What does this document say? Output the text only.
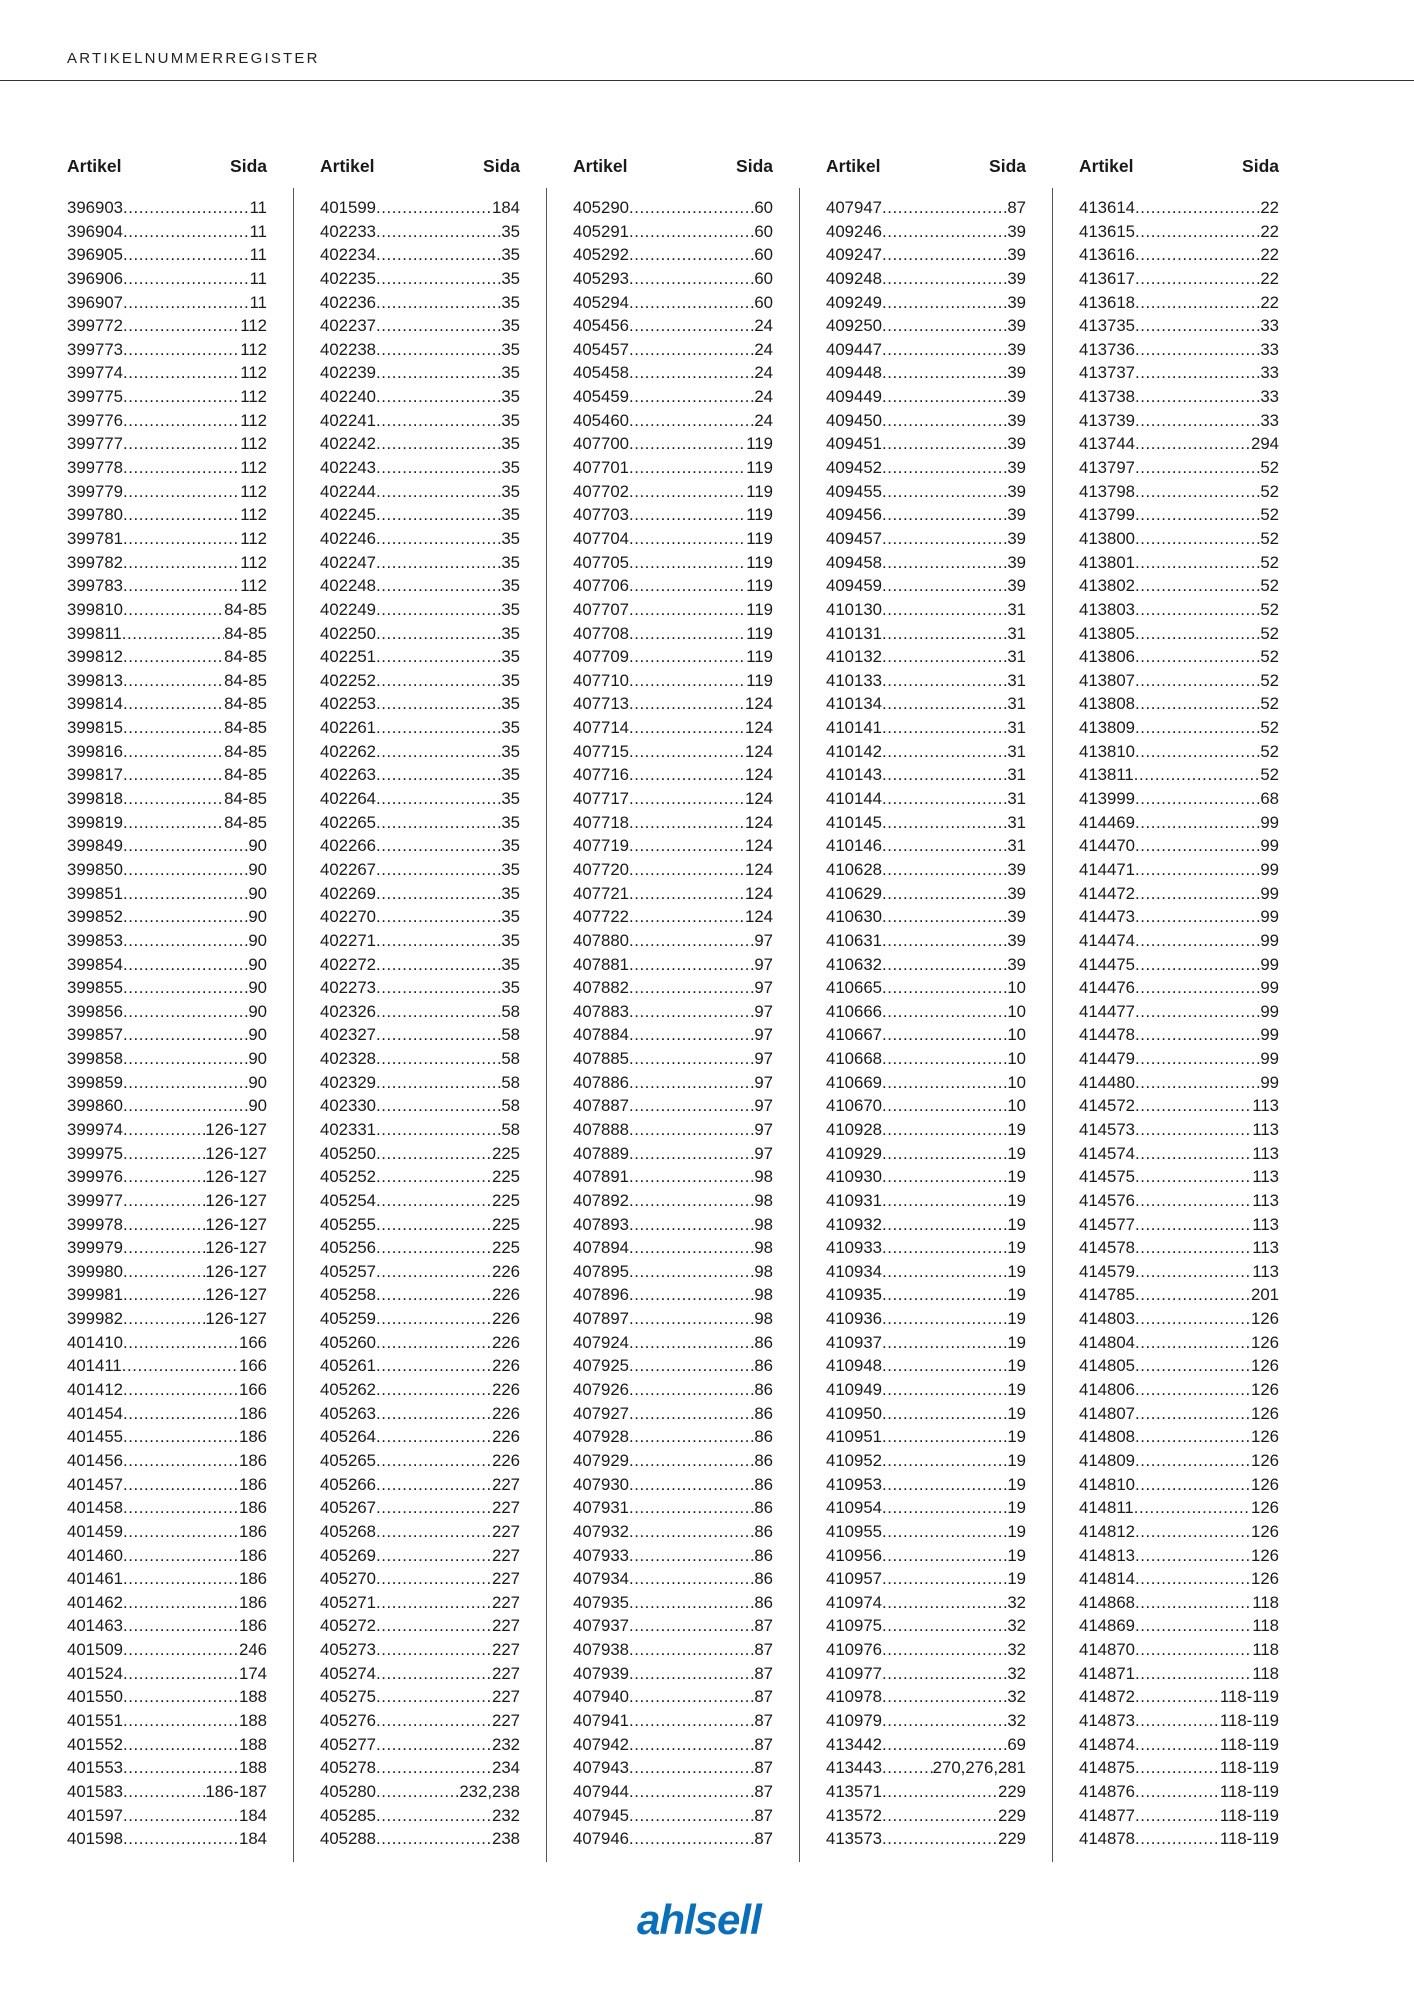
ARTIKELNUMMERREGISTER
Artikel	Sida
396903 .....	11
396904 .....	11
396905 .....	11
396906 .....	11
396907 .....	11
399772 .....	112
399773 .....	112
399774 .....	112
399775 .....	112
399776 .....	112
399777 .....	112
399778 .....	112
399779 .....	112
399780 .....	112
399781 .....	112
399782 .....	112
399783 .....	112
399810 .....	84-85
399811 .....	84-85
399812 .....	84-85
399813 .....	84-85
399814 .....	84-85
399815 .....	84-85
399816 .....	84-85
399817 .....	84-85
399818 .....	84-85
399819 .....	84-85
399849 .....	90
399850 .....	90
399851 .....	90
399852 .....	90
399853 .....	90
399854 .....	90
399855 .....	90
399856 .....	90
399857 .....	90
399858 .....	90
399859 .....	90
399860 .....	90
399974 .....	126-127
399975 .....	126-127
399976 .....	126-127
399977 .....	126-127
399978 .....	126-127
399979 .....	126-127
399980 .....	126-127
399981 .....	126-127
399982 .....	126-127
401410 .....	166
401411 .....	166
401412 .....	166
401454 .....	186
401455 .....	186
401456 .....	186
401457 .....	186
401458 .....	186
401459 .....	186
401460 .....	186
401461 .....	186
401462 .....	186
401463 .....	186
401509 .....	246
401524 .....	174
401550 .....	188
401551 .....	188
401552 .....	188
401553 .....	188
401583 .....	186-187
401597 .....	184
401598 .....	184
Artikel	Sida
401599 .....	184
402233 .....	35
402234 .....	35
402235 .....	35
402236 .....	35
402237 .....	35
402238 .....	35
402239 .....	35
402240 .....	35
402241 .....	35
402242 .....	35
402243 .....	35
402244 .....	35
402245 .....	35
402246 .....	35
402247 .....	35
402248 .....	35
402249 .....	35
402250 .....	35
402251 .....	35
402252 .....	35
402253 .....	35
402261 .....	35
402262 .....	35
402263 .....	35
402264 .....	35
402265 .....	35
402266 .....	35
402267 .....	35
402269 .....	35
402270 .....	35
402271 .....	35
402272 .....	35
402273 .....	35
402326 .....	58
402327 .....	58
402328 .....	58
402329 .....	58
402330 .....	58
402331 .....	58
405250 .....	225
405252 .....	225
405254 .....	225
405255 .....	225
405256 .....	225
405257 .....	226
405258 .....	226
405259 .....	226
405260 .....	226
405261 .....	226
405262 .....	226
405263 .....	226
405264 .....	226
405265 .....	226
405266 .....	227
405267 .....	227
405268 .....	227
405269 .....	227
405270 .....	227
405271 .....	227
405272 .....	227
405273 .....	227
405274 .....	227
405275 .....	227
405276 .....	227
405277 .....	232
405278 .....	234
405280 .....	232,238
405285 .....	232
405288 .....	238
Artikel	Sida
405290 .....	60
405291 .....	60
405292 .....	60
405293 .....	60
405294 .....	60
405456 .....	24
405457 .....	24
405458 .....	24
405459 .....	24
405460 .....	24
407700 .....	119
407701 .....	119
407702 .....	119
407703 .....	119
407704 .....	119
407705 .....	119
407706 .....	119
407707 .....	119
407708 .....	119
407709 .....	119
407710 .....	119
407713 .....	124
407714 .....	124
407715 .....	124
407716 .....	124
407717 .....	124
407718 .....	124
407719 .....	124
407720 .....	124
407721 .....	124
407722 .....	124
407880 .....	97
407881 .....	97
407882 .....	97
407883 .....	97
407884 .....	97
407885 .....	97
407886 .....	97
407887 .....	97
407888 .....	97
407889 .....	97
407891 .....	98
407892 .....	98
407893 .....	98
407894 .....	98
407895 .....	98
407896 .....	98
407897 .....	98
407924 .....	86
407925 .....	86
407926 .....	86
407927 .....	86
407928 .....	86
407929 .....	86
407930 .....	86
407931 .....	86
407932 .....	86
407933 .....	86
407934 .....	86
407935 .....	86
407937 .....	87
407938 .....	87
407939 .....	87
407940 .....	87
407941 .....	87
407942 .....	87
407943 .....	87
407944 .....	87
407945 .....	87
407946 .....	87
Artikel	Sida
407947 .....	87
409246 .....	39
409247 .....	39
409248 .....	39
409249 .....	39
409250 .....	39
409447 .....	39
409448 .....	39
409449 .....	39
409450 .....	39
409451 .....	39
409452 .....	39
409455 .....	39
409456 .....	39
409457 .....	39
409458 .....	39
409459 .....	39
410130 .....	31
410131 .....	31
410132 .....	31
410133 .....	31
410134 .....	31
410141 .....	31
410142 .....	31
410143 .....	31
410144 .....	31
410145 .....	31
410146 .....	31
410628 .....	39
410629 .....	39
410630 .....	39
410631 .....	39
410632 .....	39
410665 .....	10
410666 .....	10
410667 .....	10
410668 .....	10
410669 .....	10
410670 .....	10
410928 .....	19
410929 .....	19
410930 .....	19
410931 .....	19
410932 .....	19
410933 .....	19
410934 .....	19
410935 .....	19
410936 .....	19
410937 .....	19
410948 .....	19
410949 .....	19
410950 .....	19
410951 .....	19
410952 .....	19
410953 .....	19
410954 .....	19
410955 .....	19
410956 .....	19
410957 .....	19
410974 .....	32
410975 .....	32
410976 .....	32
410977 .....	32
410978 .....	32
410979 .....	32
413442 .....	69
413443 .....	270,276,281
413571 .....	229
413572 .....	229
413573 .....	229
Artikel	Sida
413614 .....	22
413615 .....	22
413616 .....	22
413617 .....	22
413618 .....	22
413735 .....	33
413736 .....	33
413737 .....	33
413738 .....	33
413739 .....	33
413744 .....	294
413797 .....	52
413798 .....	52
413799 .....	52
413800 .....	52
413801 .....	52
413802 .....	52
413803 .....	52
413805 .....	52
413806 .....	52
413807 .....	52
413808 .....	52
413809 .....	52
413810 .....	52
413811 .....	52
413999 .....	68
414469 .....	99
414470 .....	99
414471 .....	99
414472 .....	99
414473 .....	99
414474 .....	99
414475 .....	99
414476 .....	99
414477 .....	99
414478 .....	99
414479 .....	99
414480 .....	99
414572 .....	113
414573 .....	113
414574 .....	113
414575 .....	113
414576 .....	113
414577 .....	113
414578 .....	113
414579 .....	113
414785 .....	201
414803 .....	126
414804 .....	126
414805 .....	126
414806 .....	126
414807 .....	126
414808 .....	126
414809 .....	126
414810 .....	126
414811 .....	126
414812 .....	126
414813 .....	126
414814 .....	126
414868 .....	118
414869 .....	118
414870 .....	118
414871 .....	118
414872 .....	118-119
414873 .....	118-119
414874 .....	118-119
414875 .....	118-119
414876 .....	118-119
414877 .....	118-119
414878 .....	118-119
ahlsell
